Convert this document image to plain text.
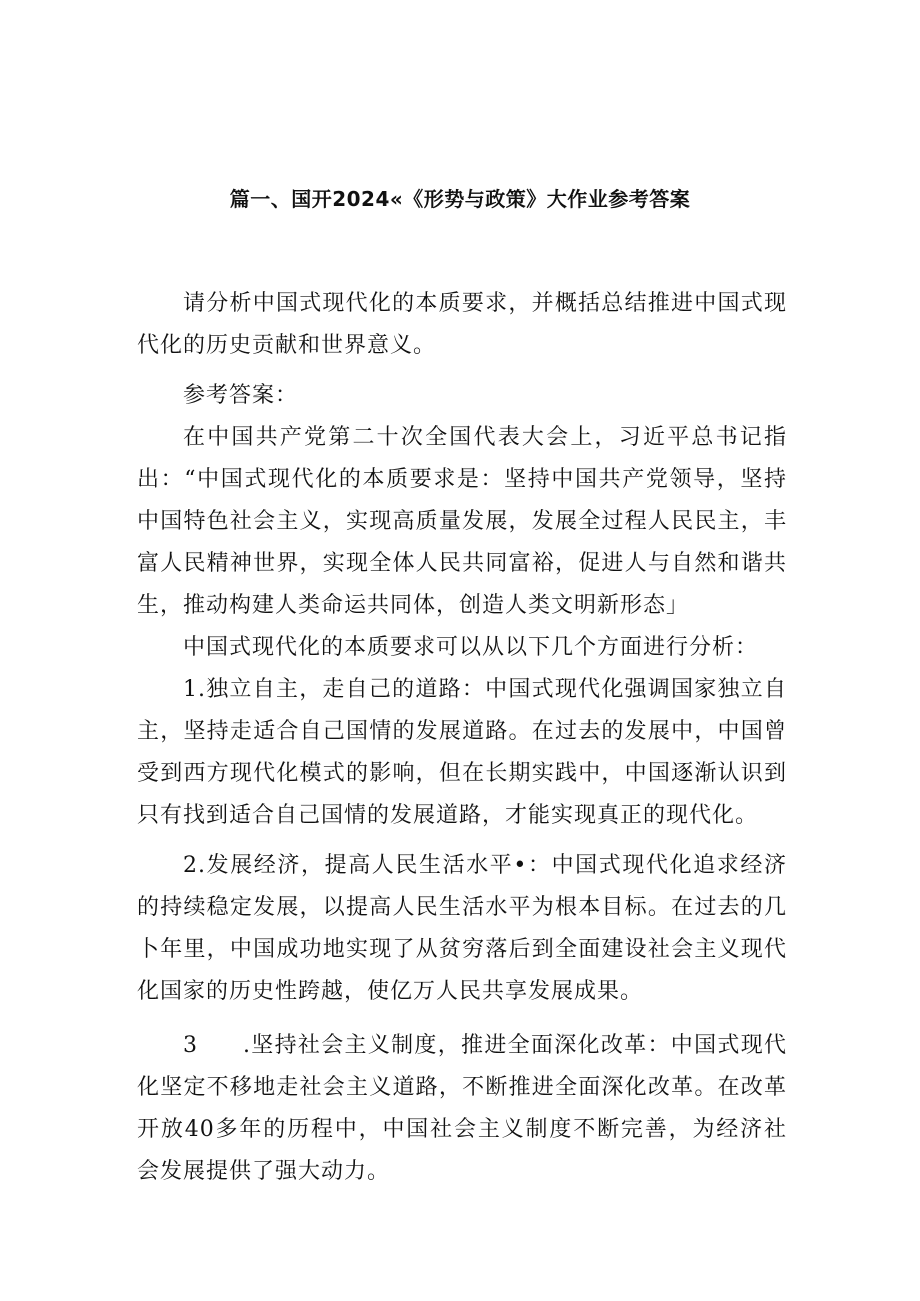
篇一、国开2024«《形势与政策》大作业参考答案

请分析中国式现代化的本质要求，并概括总结推进中国式现代化的历史贡献和世界意义。

参考答案：

在中国共产党第二十次全国代表大会上，习近平总书记指出：“中国式现代化的本质要求是：坚持中国共产党领导，坚持中国特色社会主义，实现高质量发展，发展全过程人民民主，丰富人民精神世界，实现全体人民共同富裕，促进人与自然和谐共生，推动构建人类命运共同体，创造人类文明新形态」

中国式现代化的本质要求可以从以下几个方面进行分析：

1.独立自主，走自己的道路：中国式现代化强调国家独立自主，坚持走适合自己国情的发展道路。在过去的发展中，中国曾受到西方现代化模式的影响，但在长期实践中，中国逐渐认识到只有找到适合自己国情的发展道路，才能实现真正的现代化。

2.发展经济，提高人民生活水平•：中国式现代化追求经济的持续稳定发展，以提高人民生活水平为根本目标。在过去的几卜年里，中国成功地实现了从贫穷落后到全面建设社会主义现代化国家的历史性跨越，使亿万人民共享发展成果。

3 .坚持社会主义制度，推进全面深化改革：中国式现代化坚定不移地走社会主义道路，不断推进全面深化改革。在改革开放40多年的历程中，中国社会主义制度不断完善，为经济社会发展提供了强大动力。
